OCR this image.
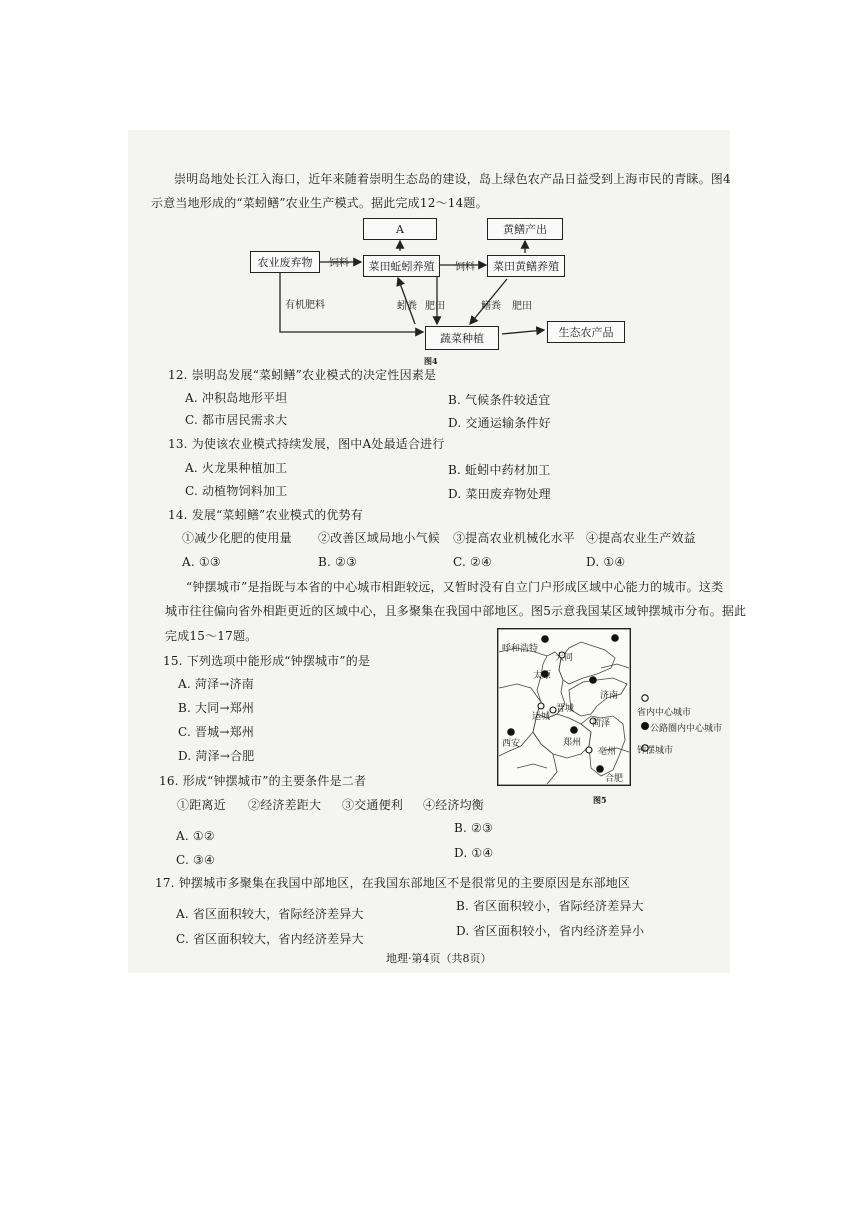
崇明岛地处长江入海口，近年来随着崇明生态岛的建设，岛上绿色农产品日益受到上海市民的青睐。图4
示意当地形成的“菜蚓鳝”农业生产模式。据此完成12～14题。
A	黄鳝产出
农业废弃物	菜田蚯蚓养殖	菜田黄鳝养殖
蔬菜种植	生态农产品
饲料	饲料
有机肥料	蚓粪 肥田	鳝粪 肥田
图4
12. 崇明岛发展“菜蚓鳝”农业模式的决定性因素是
A. 冲积岛地形平坦	B. 气候条件较适宜
C. 都市居民需求大	D. 交通运输条件好
13. 为使该农业模式持续发展，图中A处最适合进行
A. 火龙果种植加工	B. 蚯蚓中药材加工
C. 动植物饲料加工	D. 菜田废弃物处理
14. 发展“菜蚓鳝”农业模式的优势有
①减少化肥的使用量 ②改善区域局地小气候 ③提高农业机械化水平 ④提高农业生产效益
A. ①③	B. ②③	C. ②④	D. ①④
“钟摆城市”是指既与本省的中心城市相距较远，又暂时没有自立门户形成区域中心能力的城市。这类
城市往往偏向省外相距更近的区域中心，且多聚集在我国中部地区。图5示意我国某区域钟摆城市分布。据此
完成15～17题。
15. 下列选项中能形成“钟摆城市”的是
A. 菏泽→济南
B. 大同→郑州
C. 晋城→郑州
D. 菏泽→合肥
16. 形成“钟摆城市”的主要条件是二者
①距离近 ②经济差距大 ③交通便利 ④经济均衡
A. ①②
B. ②③
C. ③④	D. ①④
17. 钟摆城市多聚集在我国中部地区，在我国东部地区不是很常见的主要原因是东部地区
A. 省区面积较大，省际经济差异大
B. 省区面积较小，省际经济差异大
C. 省区面积较大，省内经济差异大
D. 省区面积较小，省内经济差异小
呼和浩特
大同
太原
济南
运城
晋城
菏泽
西安	郑州
亳州
合肥
省内中心城市
公路圈内中心城市
钟摆城市
图5
地理·第4页（共8页）
